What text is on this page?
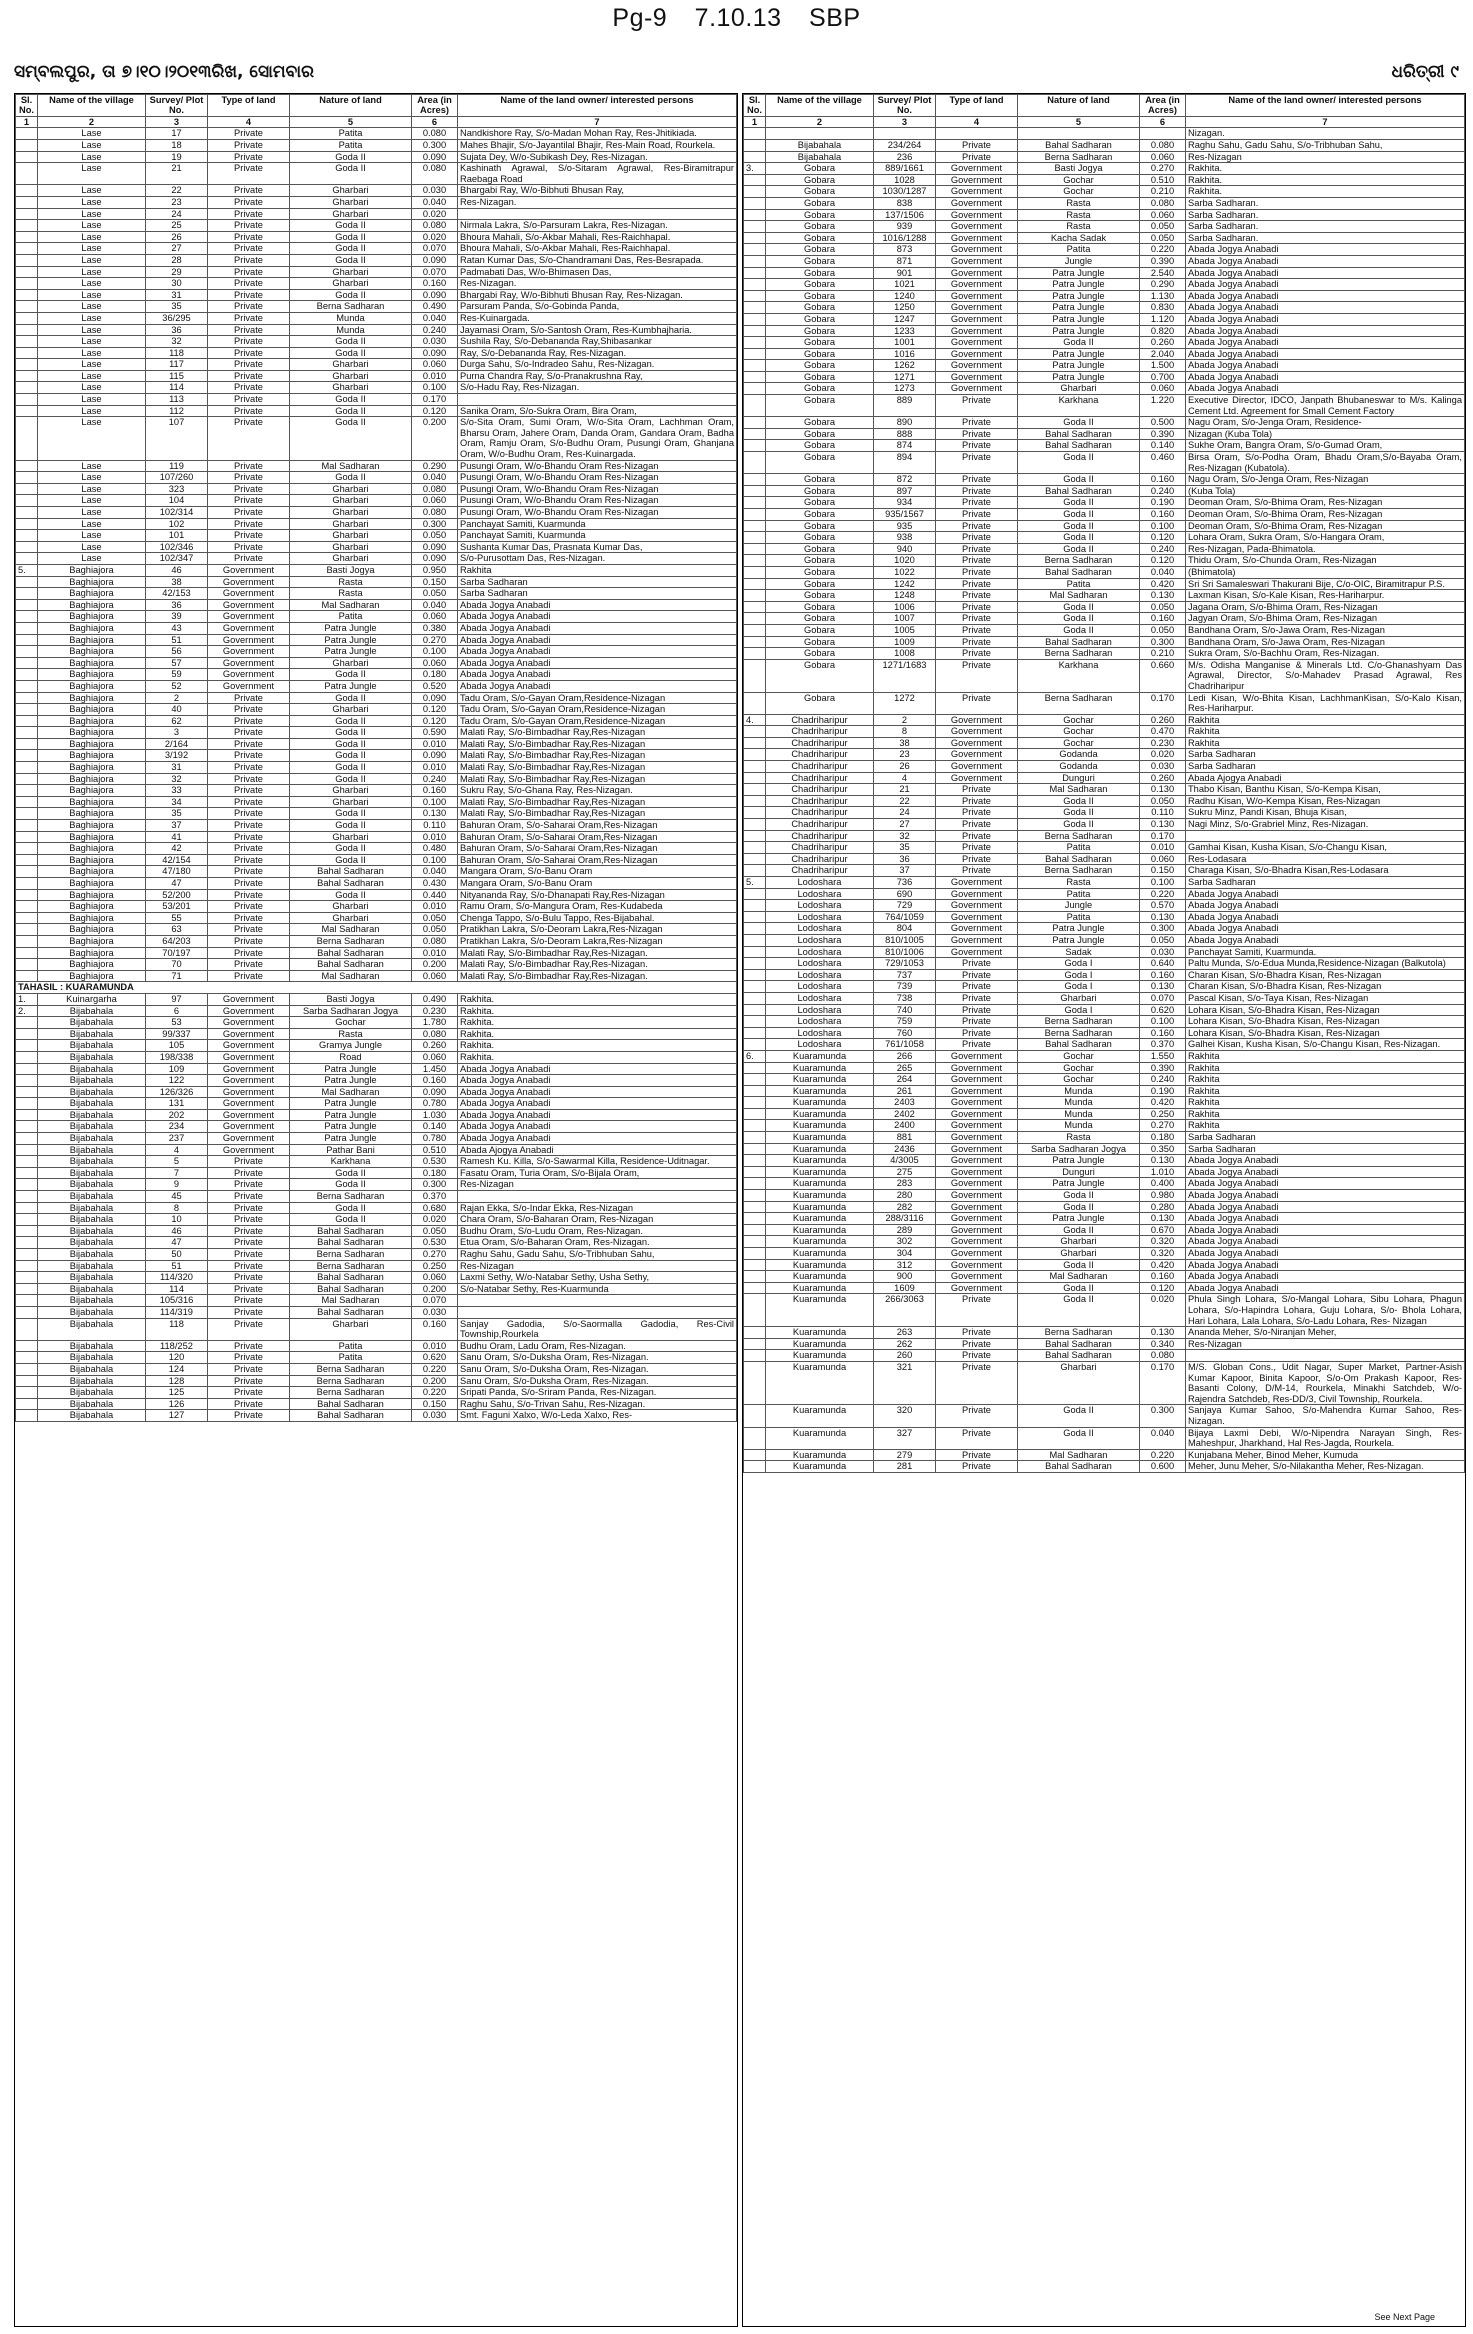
Pg-9 7.10.13 SBP
ସମ୍ବଲପୁର, ତା ୭।୧୦।୨୦୧୩ରିଖ, ସୋମବାର	ଧରିତ୍ରୀ ୯
Sl. No.	Name of the village	Survey/ Plot No.	Type of land	Nature of land	Area (in Acres)	Name of the land owner/ interested persons
1	2	3	4	5	6	7
	Lase	17	Private	Patita	0.080	Nandkishore Ray, S/o-Madan Mohan Ray, Res-Jhitikiada.
	Lase	18	Private	Patita	0.300	Mahes Bhajir, S/o-Jayantilal Bhajir, Res-Main Road, Rourkela.
	Lase	19	Private	Goda II	0.090	Sujata Dey, W/o-Subikash Dey, Res-Nizagan.
	Lase	21	Private	Goda II	0.080	Kashinath Agrawal, S/o-Sitaram Agrawal, Res-Biramitrapur Raebaga Road
	Lase	22	Private	Gharbari	0.030	Bhargabi Ray, W/o-Bibhuti Bhusan Ray,
	Lase	23	Private	Gharbari	0.040	Res-Nizagan.
	Lase	24	Private	Gharbari	0.020	
	Lase	25	Private	Goda II	0.080	Nirmala Lakra, S/o-Parsuram Lakra, Res-Nizagan.
	Lase	26	Private	Goda II	0.020	Bhoura Mahali, S/o-Akbar Mahali, Res-Raichhapal.
	Lase	27	Private	Goda II	0.070	Bhoura Mahali, S/o-Akbar Mahali, Res-Raichhapal.
	Lase	28	Private	Goda II	0.090	Ratan Kumar Das, S/o-Chandramani Das, Res-Besrapada.
	Lase	29	Private	Gharbari	0.070	Padmabati Das, W/o-Bhimasen Das,
	Lase	30	Private	Gharbari	0.160	Res-Nizagan.
	Lase	31	Private	Goda II	0.090	Bhargabi Ray, W/o-Bibhuti Bhusan Ray, Res-Nizagan.
	Lase	35	Private	Berna Sadharan	0.490	Parsuram Panda, S/o-Gobinda Panda,
	Lase	36/295	Private	Munda	0.040	Res-Kuinargada.
	Lase	36	Private	Munda	0.240	Jayamasi Oram, S/o-Santosh Oram, Res-Kumbhajharia.
	Lase	32	Private	Goda II	0.030	Sushila Ray, S/o-Debananda Ray,Shibasankar
	Lase	118	Private	Goda II	0.090	Ray, S/o-Debananda Ray, Res-Nizagan.
	Lase	117	Private	Gharbari	0.060	Durga Sahu, S/o-Indradeo Sahu, Res-Nizagan.
	Lase	115	Private	Gharbari	0.010	Purna Chandra Ray, S/o-Pranakrushna Ray,
	Lase	114	Private	Gharbari	0.100	S/o-Hadu Ray, Res-Nizagan.
	Lase	113	Private	Goda II	0.170	
	Lase	112	Private	Goda II	0.120	Sanika Oram, S/o-Sukra Oram, Bira Oram,
	Lase	107	Private	Goda II	0.200	S/o-Sita Oram, Sumi Oram, W/o-Sita Oram, Lachhman Oram, Bharsu Oram, Jahere Oram, Danda Oram, Gandara Oram, Badha Oram, Ramju Oram, S/o-Budhu Oram, Pusungi Oram, Ghanjana Oram, W/o-Budhu Oram, Res-Kuinargada.
	Lase	119	Private	Mal Sadharan	0.290	Pusungi Oram, W/o-Bhandu Oram Res-Nizagan
	Lase	107/260	Private	Goda II	0.040	Pusungi Oram, W/o-Bhandu Oram Res-Nizagan
	Lase	323	Private	Gharbari	0.080	Pusungi Oram, W/o-Bhandu Oram Res-Nizagan
	Lase	104	Private	Gharbari	0.060	Pusungi Oram, W/o-Bhandu Oram Res-Nizagan
	Lase	102/314	Private	Gharbari	0.080	Pusungi Oram, W/o-Bhandu Oram Res-Nizagan
	Lase	102	Private	Gharbari	0.300	Panchayat Samiti, Kuarmunda
	Lase	101	Private	Gharbari	0.050	Panchayat Samiti, Kuarmunda
	Lase	102/346	Private	Gharbari	0.090	Sushanta Kumar Das, Prasnata Kumar Das,
	Lase	102/347	Private	Gharbari	0.090	S/o-Purusottam Das, Res-Nizagan.
5.	Baghiajora	46	Government	Basti Jogya	0.950	Rakhita
	Baghiajora	38	Government	Rasta	0.150	Sarba Sadharan
	Baghiajora	42/153	Government	Rasta	0.050	Sarba Sadharan
	Baghiajora	36	Government	Mal Sadharan	0.040	Abada Jogya Anabadi
	Baghiajora	39	Government	Patita	0.060	Abada Jogya Anabadi
	Baghiajora	43	Government	Patra Jungle	0.380	Abada Jogya Anabadi
	Baghiajora	51	Government	Patra Jungle	0.270	Abada Jogya Anabadi
	Baghiajora	56	Government	Patra Jungle	0.100	Abada Jogya Anabadi
	Baghiajora	57	Government	Gharbari	0.060	Abada Jogya Anabadi
	Baghiajora	59	Government	Goda II	0.180	Abada Jogya Anabadi
	Baghiajora	52	Government	Patra Jungle	0.520	Abada Jogya Anabadi
	Baghiajora	2	Private	Goda II	0.090	Tadu Oram, S/o-Gayan Oram,Residence-Nizagan
	Baghiajora	40	Private	Gharbari	0.120	Tadu Oram, S/o-Gayan Oram,Residence-Nizagan
	Baghiajora	62	Private	Goda II	0.120	Tadu Oram, S/o-Gayan Oram,Residence-Nizagan
	Baghiajora	3	Private	Goda II	0.590	Malati Ray, S/o-Bimbadhar Ray,Res-Nizagan
	Baghiajora	2/164	Private	Goda II	0.010	Malati Ray, S/o-Bimbadhar Ray,Res-Nizagan
	Baghiajora	3/192	Private	Goda II	0.090	Malati Ray, S/o-Bimbadhar Ray,Res-Nizagan
	Baghiajora	31	Private	Goda II	0.010	Malati Ray, S/o-Bimbadhar Ray,Res-Nizagan
	Baghiajora	32	Private	Goda II	0.240	Malati Ray, S/o-Bimbadhar Ray,Res-Nizagan
	Baghiajora	33	Private	Gharbari	0.160	Sukru Ray, S/o-Ghana Ray, Res-Nizagan.
	Baghiajora	34	Private	Gharbari	0.100	Malati Ray, S/o-Bimbadhar Ray,Res-Nizagan
	Baghiajora	35	Private	Goda II	0.130	Malati Ray, S/o-Bimbadhar Ray,Res-Nizagan
	Baghiajora	37	Private	Goda II	0.110	Bahuran Oram, S/o-Saharai Oram,Res-Nizagan
	Baghiajora	41	Private	Gharbari	0.010	Bahuran Oram, S/o-Saharai Oram,Res-Nizagan
	Baghiajora	42	Private	Goda II	0.480	Bahuran Oram, S/o-Saharai Oram,Res-Nizagan
	Baghiajora	42/154	Private	Goda II	0.100	Bahuran Oram, S/o-Saharai Oram,Res-Nizagan
	Baghiajora	47/180	Private	Bahal Sadharan	0.040	Mangara Oram, S/o-Banu Oram
	Baghiajora	47	Private	Bahal Sadharan	0.430	Mangara Oram, S/o-Banu Oram
	Baghiajora	52/200	Private	Goda II	0.440	Nityananda Ray, S/o-Dhanapati Ray,Res-Nizagan
	Baghiajora	53/201	Private	Gharbari	0.010	Ramu Oram, S/o-Mangura Oram, Res-Kudabeda
	Baghiajora	55	Private	Gharbari	0.050	Chenga Tappo, S/o-Bulu Tappo, Res-Bijabahal.
	Baghiajora	63	Private	Mal Sadharan	0.050	Pratikhan Lakra, S/o-Deoram Lakra,Res-Nizagan
	Baghiajora	64/203	Private	Berna Sadharan	0.080	Pratikhan Lakra, S/o-Deoram Lakra,Res-Nizagan
	Baghiajora	70/197	Private	Bahal Sadharan	0.010	Malati Ray, S/o-Bimbadhar Ray,Res-Nizagan.
	Baghiajora	70	Private	Bahal Sadharan	0.200	Malati Ray, S/o-Bimbadhar Ray,Res-Nizagan.
	Baghiajora	71	Private	Mal Sadharan	0.060	Malati Ray, S/o-Bimbadhar Ray,Res-Nizagan.
TAHASIL : KUARAMUNDA						
1.	Kuinargarha	97	Government	Basti Jogya	0.490	Rakhita.
2.	Bijabahala	6	Government	Sarba Sadharan Jogya	0.230	Rakhita.
	Bijabahala	53	Government	Gochar	1.780	Rakhita.
	Bijabahala	99/337	Government	Rasta	0.080	Rakhita.
	Bijabahala	105	Government	Gramya Jungle	0.260	Rakhita.
	Bijabahala	198/338	Government	Road	0.060	Rakhita.
	Bijabahala	109	Government	Patra Jungle	1.450	Abada Jogya Anabadi
	Bijabahala	122	Government	Patra Jungle	0.160	Abada Jogya Anabadi
	Bijabahala	126/326	Government	Mal Sadharan	0.090	Abada Jogya Anabadi
	Bijabahala	131	Government	Patra Jungle	0.780	Abada Jogya Anabadi
	Bijabahala	202	Government	Patra Jungle	1.030	Abada Jogya Anabadi
	Bijabahala	234	Government	Patra Jungle	0.140	Abada Jogya Anabadi
	Bijabahala	237	Government	Patra Jungle	0.780	Abada Jogya Anabadi
	Bijabahala	4	Government	Pathar Bani	0.510	Abada Ajogya Anabadi
	Bijabahala	5	Private	Karkhana	0.530	Ramesh Ku. Killa, S/o-Sawarmal Killa, Residence-Uditnagar.
	Bijabahala	7	Private	Goda II	0.180	Fasatu Oram, Turia Oram, S/o-Bijala Oram,
	Bijabahala	9	Private	Goda II	0.300	Res-Nizagan
	Bijabahala	45	Private	Berna Sadharan	0.370	
	Bijabahala	8	Private	Goda II	0.680	Rajan Ekka, S/o-Indar Ekka, Res-Nizagan
	Bijabahala	10	Private	Goda II	0.020	Chara Oram, S/o-Baharan Oram, Res-Nizagan
	Bijabahala	46	Private	Bahal Sadharan	0.050	Budhu Oram, S/o-Ludu Oram, Res-Nizagan.
	Bijabahala	47	Private	Bahal Sadharan	0.530	Etua Oram, S/o-Baharan Oram, Res-Nizagan.
	Bijabahala	50	Private	Berna Sadharan	0.270	Raghu Sahu, Gadu Sahu, S/o-Tribhuban Sahu,
	Bijabahala	51	Private	Berna Sadharan	0.250	Res-Nizagan
	Bijabahala	114/320	Private	Bahal Sadharan	0.060	Laxmi Sethy, W/o-Natabar Sethy, Usha Sethy,
	Bijabahala	114	Private	Bahal Sadharan	0.200	S/o-Natabar Sethy, Res-Kuarmunda
	Bijabahala	105/316	Private	Mal Sadharan	0.070	
	Bijabahala	114/319	Private	Bahal Sadharan	0.030	
	Bijabahala	118	Private	Gharbari	0.160	Sanjay Gadodia, S/o-Saormalla Gadodia, Res-Civil Township,Rourkela
	Bijabahala	118/252	Private	Patita	0.010	Budhu Oram, Ladu Oram, Res-Nizagan.
	Bijabahala	120	Private	Patita	0.620	Sanu Oram, S/o-Duksha Oram, Res-Nizagan.
	Bijabahala	124	Private	Berna Sadharan	0.220	Sanu Oram, S/o-Duksha Oram, Res-Nizagan.
	Bijabahala	128	Private	Berna Sadharan	0.200	Sanu Oram, S/o-Duksha Oram, Res-Nizagan.
	Bijabahala	125	Private	Berna Sadharan	0.220	Sripati Panda, S/o-Sriram Panda, Res-Nizagan.
	Bijabahala	126	Private	Bahal Sadharan	0.150	Raghu Sahu, S/o-Trivan Sahu, Res-Nizagan.
	Bijabahala	127	Private	Bahal Sadharan	0.030	Smt. Faguni Xalxo, W/o-Leda Xalxo, Res-
Sl. No.	Name of the village	Survey/ Plot No.	Type of land	Nature of land	Area (in Acres)	Name of the land owner/ interested persons
1	2	3	4	5	6	7
						Nizagan.
	Bijabahala	234/264	Private	Bahal Sadharan	0.080	Raghu Sahu, Gadu Sahu, S/o-Tribhuban Sahu,
	Bijabahala	236	Private	Berna Sadharan	0.060	Res-Nizagan
3.	Gobara	889/1661	Government	Basti Jogya	0.270	Rakhita.
	Gobara	1028	Government	Gochar	0.510	Rakhita.
	Gobara	1030/1287	Government	Gochar	0.210	Rakhita.
	Gobara	838	Government	Rasta	0.080	Sarba Sadharan.
	Gobara	137/1506	Government	Rasta	0.060	Sarba Sadharan.
	Gobara	939	Government	Rasta	0.050	Sarba Sadharan.
	Gobara	1016/1288	Government	Kacha Sadak	0.050	Sarba Sadharan.
	Gobara	873	Government	Patita	0.220	Abada Jogya Anabadi
	Gobara	871	Government	Jungle	0.390	Abada Jogya Anabadi
	Gobara	901	Government	Patra Jungle	2.540	Abada Jogya Anabadi
	Gobara	1021	Government	Patra Jungle	0.290	Abada Jogya Anabadi
	Gobara	1240	Government	Patra Jungle	1.130	Abada Jogya Anabadi
	Gobara	1250	Government	Patra Jungle	0.830	Abada Jogya Anabadi
	Gobara	1247	Government	Patra Jungle	1.120	Abada Jogya Anabadi
	Gobara	1233	Government	Patra Jungle	0.820	Abada Jogya Anabadi
	Gobara	1001	Government	Goda II	0.260	Abada Jogya Anabadi
	Gobara	1016	Government	Patra Jungle	2.040	Abada Jogya Anabadi
	Gobara	1262	Government	Patra Jungle	1.500	Abada Jogya Anabadi
	Gobara	1271	Government	Patra Jungle	0.700	Abada Jogya Anabadi
	Gobara	1273	Government	Gharbari	0.060	Abada Jogya Anabadi
	Gobara	889	Private	Karkhana	1.220	Executive Director, IDCO, Janpath Bhubaneswar to M/s. Kalinga Cement Ltd. Agreement for Small Cement Factory
	Gobara	890	Private	Goda II	0.500	Nagu Oram, S/o-Jenga Oram, Residence-
	Gobara	888	Private	Bahal Sadharan	0.390	Nizagan (Kuba Tola)
	Gobara	874	Private	Bahal Sadharan	0.140	Sukhe Oram, Bangra Oram, S/o-Gumad Oram,
	Gobara	894	Private	Goda II	0.460	Birsa Oram, S/o-Podha Oram, Bhadu Oram,S/o-Bayaba Oram, Res-Nizagan (Kubatola).
	Gobara	872	Private	Goda II	0.160	Nagu Oram, S/o-Jenga Oram, Res-Nizagan
	Gobara	897	Private	Bahal Sadharan	0.240	(Kuba Tola)
	Gobara	934	Private	Goda II	0.190	Deoman Oram, S/o-Bhima Oram, Res-Nizagan
	Gobara	935/1567	Private	Goda II	0.160	Deoman Oram, S/o-Bhima Oram, Res-Nizagan
	Gobara	935	Private	Goda II	0.100	Deoman Oram, S/o-Bhima Oram, Res-Nizagan
	Gobara	938	Private	Goda II	0.120	Lohara Oram, Sukra Oram, S/o-Hangara Oram,
	Gobara	940	Private	Goda II	0.240	Res-Nizagan, Pada-Bhimatola.
	Gobara	1020	Private	Berna Sadharan	0.120	Thidu Oram, S/o-Chunda Oram, Res-Nizagan
	Gobara	1022	Private	Bahal Sadharan	0.040	(Bhimatola)
	Gobara	1242	Private	Patita	0.420	Sri Sri Samaleswari Thakurani Bije, C/o-OIC, Biramitrapur P.S.
	Gobara	1248	Private	Mal Sadharan	0.130	Laxman Kisan, S/o-Kale Kisan, Res-Hariharpur.
	Gobara	1006	Private	Goda II	0.050	Jagana Oram, S/o-Bhima Oram, Res-Nizagan
	Gobara	1007	Private	Goda II	0.160	Jagyan Oram, S/o-Bhima Oram, Res-Nizagan
	Gobara	1005	Private	Goda II	0.050	Bandhana Oram, S/o-Jawa Oram, Res-Nizagan
	Gobara	1009	Private	Bahal Sadharan	0.300	Bandhana Oram, S/o-Jawa Oram, Res-Nizagan
	Gobara	1008	Private	Berna Sadharan	0.210	Sukra Oram, S/o-Bachhu Oram, Res-Nizagan.
	Gobara	1271/1683	Private	Karkhana	0.660	M/s. Odisha Manganise & Minerals Ltd. C/o-Ghanashyam Das Agrawal, Director, S/o-Mahadev Prasad Agrawal, Res Chadriharipur
	Gobara	1272	Private	Berna Sadharan	0.170	Ledi Kisan, W/o-Bhita Kisan, LachhmanKisan, S/o-Kalo Kisan, Res-Hariharpur.
4.	Chadriharipur	2	Government	Gochar	0.260	Rakhita
	Chadriharipur	8	Government	Gochar	0.470	Rakhita
	Chadriharipur	38	Government	Gochar	0.230	Rakhita
	Chadriharipur	23	Government	Godanda	0.020	Sarba Sadharan
	Chadriharipur	26	Government	Godanda	0.030	Sarba Sadharan
	Chadriharipur	4	Government	Dunguri	0.260	Abada Ajogya Anabadi
	Chadriharipur	21	Private	Mal Sadharan	0.130	Thabo Kisan, Banthu Kisan, S/o-Kempa Kisan,
	Chadriharipur	22	Private	Goda II	0.050	Radhu Kisan, W/o-Kempa Kisan, Res-Nizagan
	Chadriharipur	24	Private	Goda II	0.110	Sukru Minz, Pandi Kisan, Bhuja Kisan,
	Chadriharipur	27	Private	Goda II	0.130	Nagi Minz, S/o-Grabriel Minz, Res-Nizagan.
	Chadriharipur	32	Private	Berna Sadharan	0.170	
	Chadriharipur	35	Private	Patita	0.010	Gamhai Kisan, Kusha Kisan, S/o-Changu Kisan,
	Chadriharipur	36	Private	Bahal Sadharan	0.060	Res-Lodasara
	Chadriharipur	37	Private	Berna Sadharan	0.150	Charaga Kisan, S/o-Bhadra Kisan,Res-Lodasara
5.	Lodoshara	736	Government	Rasta	0.100	Sarba Sadharan
	Lodoshara	690	Government	Patita	0.220	Abada Jogya Anabadi
	Lodoshara	729	Government	Jungle	0.570	Abada Jogya Anabadi
	Lodoshara	764/1059	Government	Patita	0.130	Abada Jogya Anabadi
	Lodoshara	804	Government	Patra Jungle	0.300	Abada Jogya Anabadi
	Lodoshara	810/1005	Government	Patra Jungle	0.050	Abada Jogya Anabadi
	Lodoshara	810/1006	Government	Sadak	0.030	Panchayat Samiti, Kuarmunda.
	Lodoshara	729/1053	Private	Goda I	0.640	Paltu Munda, S/o-Edua Munda,Residence-Nizagan (Balkutola)
	Lodoshara	737	Private	Goda I	0.160	Charan Kisan, S/o-Bhadra Kisan, Res-Nizagan
	Lodoshara	739	Private	Goda I	0.130	Charan Kisan, S/o-Bhadra Kisan, Res-Nizagan
	Lodoshara	738	Private	Gharbari	0.070	Pascal Kisan, S/o-Taya Kisan, Res-Nizagan
	Lodoshara	740	Private	Goda I	0.620	Lohara Kisan, S/o-Bhadra Kisan, Res-Nizagan
	Lodoshara	759	Private	Berna Sadharan	0.100	Lohara Kisan, S/o-Bhadra Kisan, Res-Nizagan
	Lodoshara	760	Private	Berna Sadharan	0.160	Lohara Kisan, S/o-Bhadra Kisan, Res-Nizagan
	Lodoshara	761/1058	Private	Bahal Sadharan	0.370	Galhei Kisan, Kusha Kisan, S/o-Changu Kisan, Res-Nizagan.
6.	Kuaramunda	266	Government	Gochar	1.550	Rakhita
	Kuaramunda	265	Government	Gochar	0.390	Rakhita
	Kuaramunda	264	Government	Gochar	0.240	Rakhita
	Kuaramunda	261	Government	Munda	0.190	Rakhita
	Kuaramunda	2403	Government	Munda	0.420	Rakhita
	Kuaramunda	2402	Government	Munda	0.250	Rakhita
	Kuaramunda	2400	Government	Munda	0.270	Rakhita
	Kuaramunda	881	Government	Rasta	0.180	Sarba Sadharan
	Kuaramunda	2436	Government	Sarba Sadharan Jogya	0.350	Sarba Sadharan
	Kuaramunda	4/3005	Government	Patra Jungle	0.130	Abada Jogya Anabadi
	Kuaramunda	275	Government	Dunguri	1.010	Abada Jogya Anabadi
	Kuaramunda	283	Government	Patra Jungle	0.400	Abada Jogya Anabadi
	Kuaramunda	280	Government	Goda II	0.980	Abada Jogya Anabadi
	Kuaramunda	282	Government	Goda II	0.280	Abada Jogya Anabadi
	Kuaramunda	288/3116	Government	Patra Jungle	0.130	Abada Jogya Anabadi
	Kuaramunda	289	Government	Goda II	0.670	Abada Jogya Anabadi
	Kuaramunda	302	Government	Gharbari	0.320	Abada Jogya Anabadi
	Kuaramunda	304	Government	Gharbari	0.320	Abada Jogya Anabadi
	Kuaramunda	312	Government	Goda II	0.420	Abada Jogya Anabadi
	Kuaramunda	900	Government	Mal Sadharan	0.160	Abada Jogya Anabadi
	Kuaramunda	1609	Government	Goda II	0.120	Abada Jogya Anabadi
	Kuaramunda	266/3063	Private	Goda II	0.020	Phula Singh Lohara, S/o-Mangal Lohara, Sibu Lohara, Phagun Lohara, S/o-Hapindra Lohara, Guju Lohara, S/o- Bhola Lohara, Hari Lohara, Lala Lohara, S/o-Ladu Lohara, Res- Nizagan
	Kuaramunda	263	Private	Berna Sadharan	0.130	Ananda Meher, S/o-Niranjan Meher,
	Kuaramunda	262	Private	Bahal Sadharan	0.340	Res-Nizagan
	Kuaramunda	260	Private	Bahal Sadharan	0.080	
	Kuaramunda	321	Private	Gharbari	0.170	M/S. Globan Cons., Udit Nagar, Super Market, Partner-Asish Kumar Kapoor, Binita Kapoor, S/o-Om Prakash Kapoor, Res-Basanti Colony, D/M-14, Rourkela, Minakhi Satchdeb, W/o-Rajendra Satchdeb, Res-DD/3, Civil Township, Rourkela.
	Kuaramunda	320	Private	Goda II	0.300	Sanjaya Kumar Sahoo, S/o-Mahendra Kumar Sahoo, Res-Nizagan.
	Kuaramunda	327	Private	Goda II	0.040	Bijaya Laxmi Debi, W/o-Nipendra Narayan Singh, Res-Maheshpur, Jharkhand, Hal Res-Jagda, Rourkela.
	Kuaramunda	279	Private	Mal Sadharan	0.220	Kunjabana Meher, Binod Meher, Kumuda
	Kuaramunda	281	Private	Bahal Sadharan	0.600	Meher, Junu Meher, S/o-Nilakantha Meher, Res-Nizagan.
See Next Page
